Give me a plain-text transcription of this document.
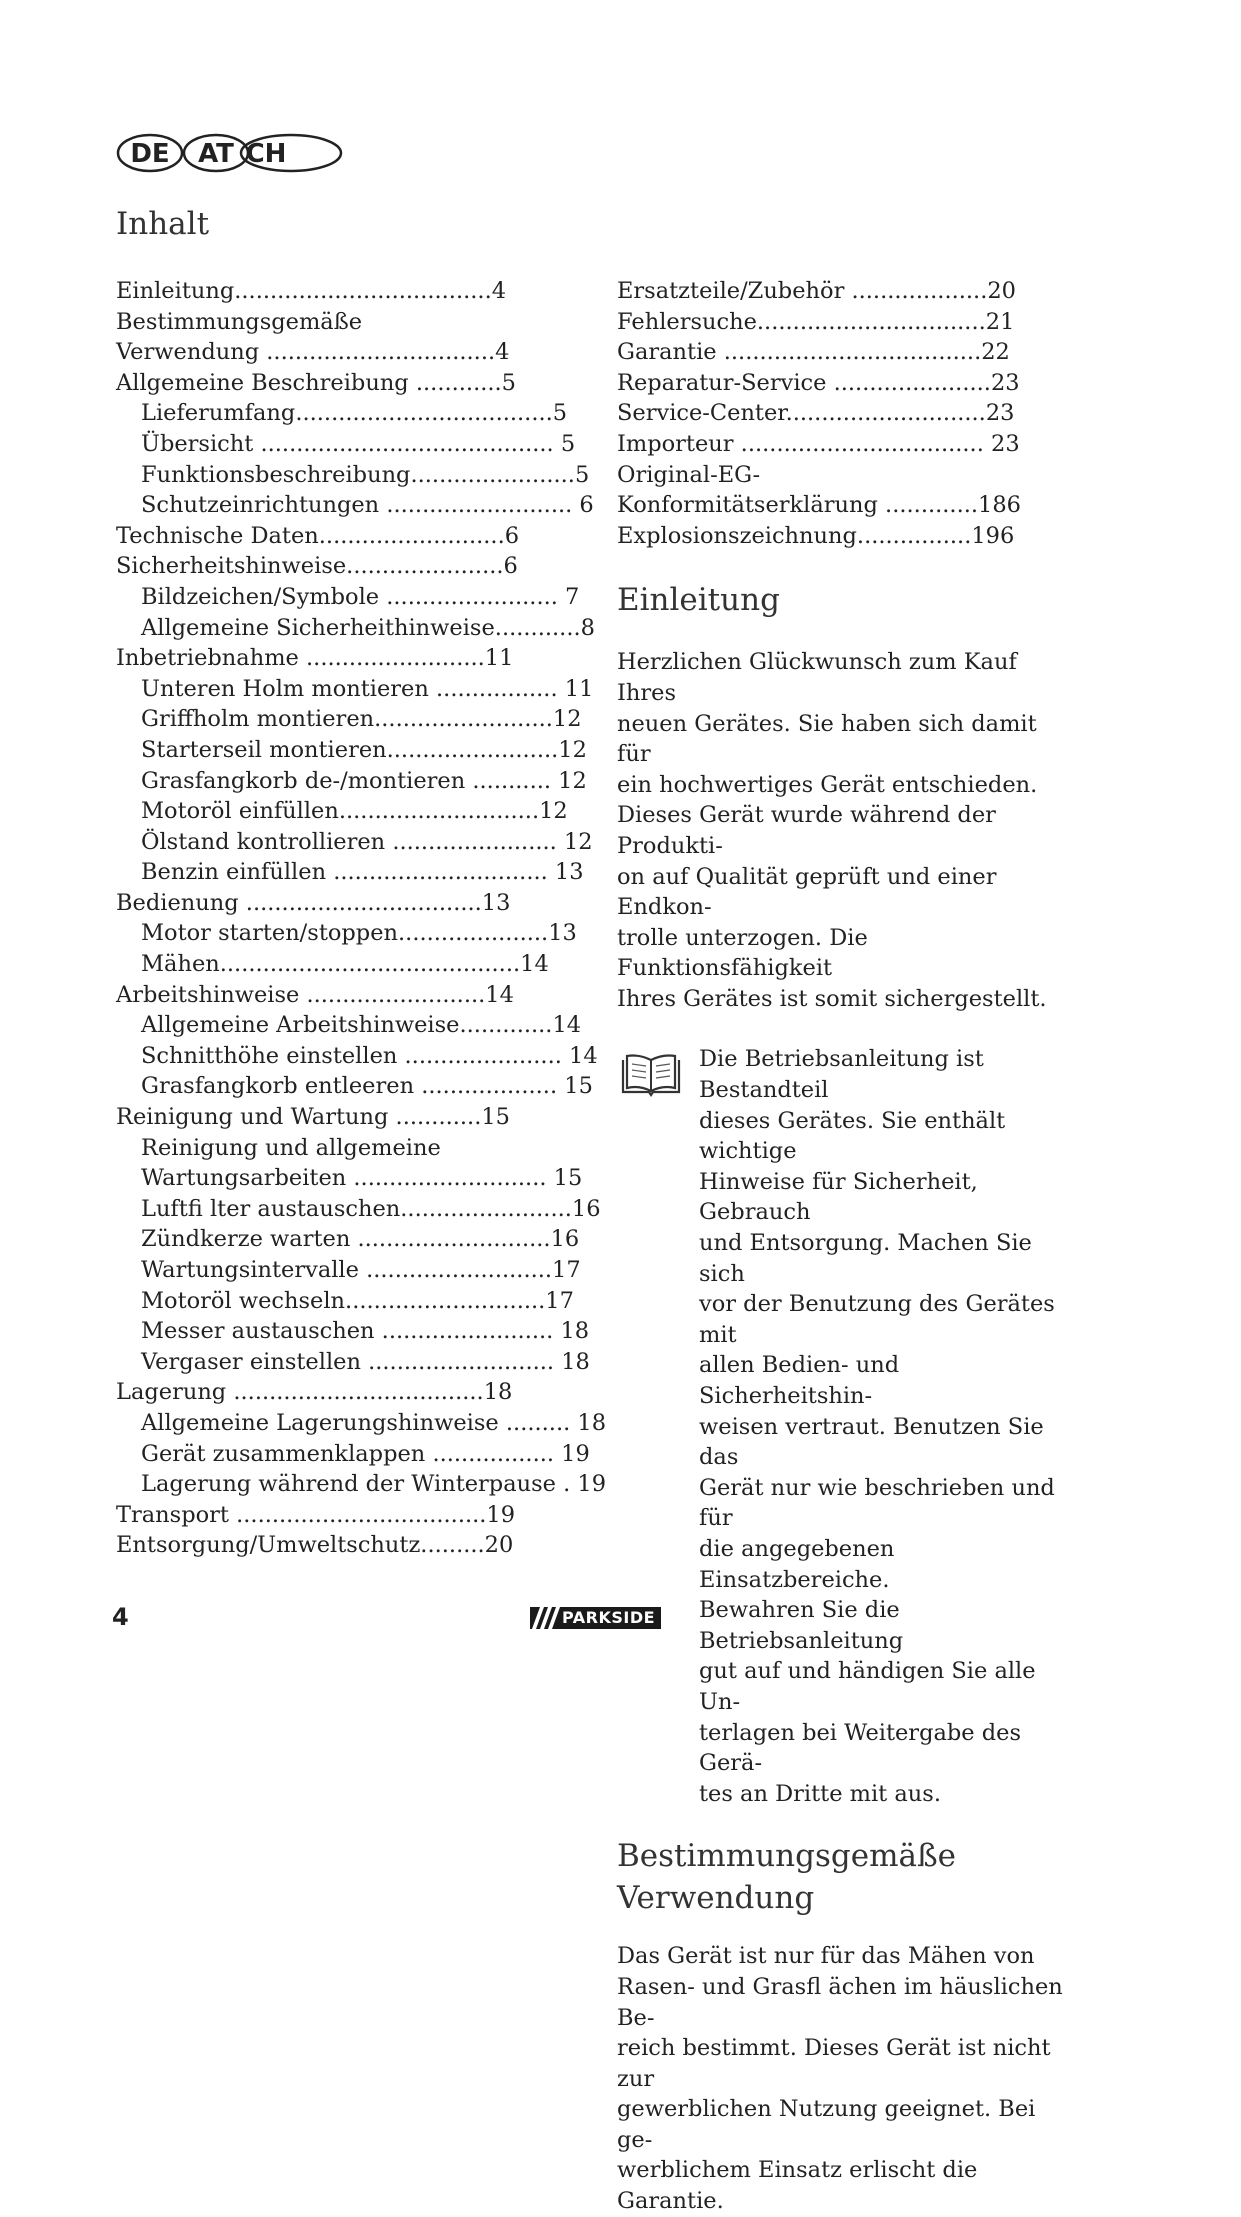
DE AT CH
Inhalt
Einleitung....................................4
Bestimmungsgemäße
Verwendung ................................4
Allgemeine Beschreibung ............5
Lieferumfang....................................5
Übersicht ......................................... 5
Funktionsbeschreibung.......................5
Schutzeinrichtungen .......................... 6
Technische Daten..........................6
Sicherheitshinweise......................6
Bildzeichen/Symbole ........................ 7
Allgemeine Sicherheithinweise............8
Inbetriebnahme .........................11
Unteren Holm montieren ................. 11
Griffholm montieren.........................12
Starterseil montieren........................12
Grasfangkorb de-/montieren ........... 12
Motoröl einfüllen............................12
Ölstand kontrollieren ....................... 12
Benzin einfüllen .............................. 13
Bedienung .................................13
Motor starten/stoppen.....................13
Mähen..........................................14
Arbeitshinweise .........................14
Allgemeine Arbeitshinweise.............14
Schnitthöhe einstellen ...................... 14
Grasfangkorb entleeren ................... 15
Reinigung und Wartung ............15
Reinigung und allgemeine
Wartungsarbeiten ........................... 15
Luftfi lter austauschen........................16
Zündkerze warten ...........................16
Wartungsintervalle ..........................17
Motoröl wechseln............................17
Messer austauschen ........................ 18
Vergaser einstellen .......................... 18
Lagerung ...................................18
Allgemeine Lagerungshinweise ......... 18
Gerät zusammenklappen ................. 19
Lagerung während der Winterpause . 19
Transport ...................................19
Entsorgung/Umweltschutz.........20
Ersatzteile/Zubehör ...................20
Fehlersuche................................21
Garantie ....................................22
Reparatur-Service ......................23
Service-Center............................23
Importeur .................................. 23
Original-EG-
Konformitätserklärung .............186
Explosionszeichnung................196
Einleitung
Herzlichen Glückwunsch zum Kauf Ihres
neuen Gerätes. Sie haben sich damit für
ein hochwertiges Gerät entschieden.
Dieses Gerät wurde während der Produkti-
on auf Qualität geprüft und einer Endkon-
trolle unterzogen. Die Funktionsfähigkeit
Ihres Gerätes ist somit sichergestellt.
Die Betriebsanleitung ist Bestandteil
dieses Gerätes. Sie enthält wichtige
Hinweise für Sicherheit, Gebrauch
und Entsorgung. Machen Sie sich
vor der Benutzung des Gerätes mit
allen Bedien- und Sicherheitshin-
weisen vertraut. Benutzen Sie das
Gerät nur wie beschrieben und für
die angegebenen Einsatzbereiche.
Bewahren Sie die Betriebsanleitung
gut auf und händigen Sie alle Un-
terlagen bei Weitergabe des Gerä-
tes an Dritte mit aus.
Bestimmungsgemäße
Verwendung
Das Gerät ist nur für das Mähen von
Rasen- und Grasfl ächen im häuslichen Be-
reich bestimmt. Dieses Gerät ist nicht zur
gewerblichen Nutzung geeignet. Bei ge-
werblichem Einsatz erlischt die Garantie.
4	PARKSIDE
